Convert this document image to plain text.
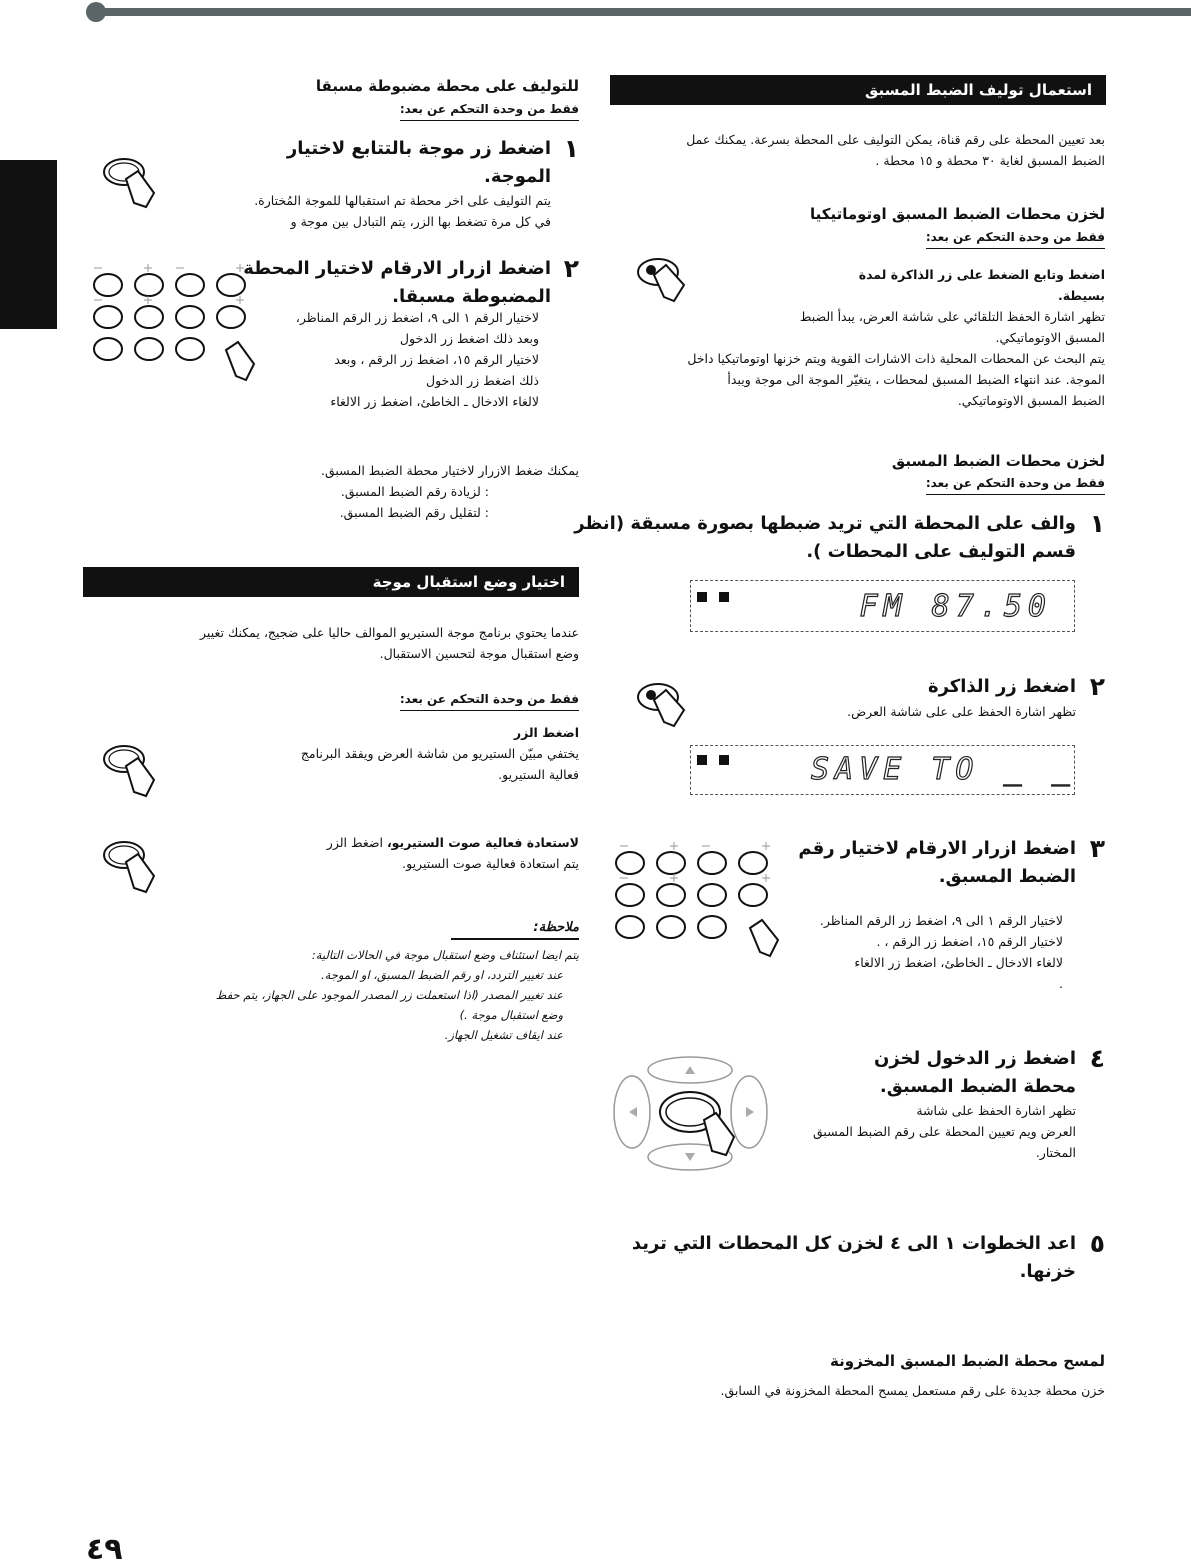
استعمال توليف الضبط المسبق
بعد تعيين المحطة على رقم قناة، يمكن التوليف على المحطة بسرعة. يمكنك عمل
الضبط المسبق لغاية ٣٠ محطة و ١٥ محطة .
لخزن محطات الضبط المسبق اوتوماتيكيا
فقط من وحدة التحكم عن بعد:
اضغط وتابع الضغط على زر الذاكرة لمدة
بسيطة.
تظهر اشارة الحفظ التلقائي على شاشة العرض، يبدأ الضبط
المسبق الاوتوماتيكي.
يتم البحث عن المحطات المحلية ذات الاشارات القوية ويتم خزنها اوتوماتيكيا داخل
الموجة. عند انتهاء الضبط المسبق لمحطات ، يتغيّر الموجة الى موجة ويبدأ
الضبط المسبق الاوتوماتيكي.
لخزن محطات الضبط المسبق
فقط من وحدة التحكم عن بعد:
١
والف على المحطة التي تريد ضبطها بصورة مسبقة (انظر
قسم التوليف على المحطات ).
FM 87.50
٢
اضغط زر الذاكرة
تظهر اشارة الحفظ على على شاشة العرض.
SAVE TO _ _
٣
اضغط ازرار الارقام لاختيار رقم
الضبط المسبق.
لاختيار الرقم ١ الى ٩، اضغط زر الرقم المناظر.
لاختيار الرقم ١٥، اضغط زر الرقم ، .
لالغاء الادخال ـ الخاطئ، اضغط زر الالغاء
.
٤
اضغط زر الدخول لخزن
محطة الضبط المسبق.
تظهر اشارة الحفظ على شاشة
العرض ويم تعيين المحطة على رقم الضبط المسبق
المختار.
٥
اعد الخطوات ١ الى ٤ لخزن كل المحطات التي تريد
خزنها.
لمسح محطة الضبط المسبق المخزونة
خزن محطة جديدة على رقم مستعمل يمسح المحطة المخزونة في السابق.
للتوليف على محطة مضبوطة مسبقا
فقط من وحدة التحكم عن بعد:
١
اضغط زر موجة بالتتابع لاختيار
الموجة.
يتم التوليف على اخر محطة تم استقبالها للموجة المُختارة.
في كل مرة تضغط بها الزر، يتم التبادل بين موجة و
٢
اضغط ازرار الارقام لاختيار المحطة
المضبوطة مسبقا.
لاختيار الرقم ١ الى ٩، اضغط زر الرقم المناظر،
وبعد ذلك اضغط زر الدخول
لاختيار الرقم ١٥، اضغط زر الرقم ، وبعد
ذلك اضغط زر الدخول
لالغاء الادخال ـ الخاطئ، اضغط زر الالغاء
يمكنك ضغط الازرار لاختيار محطة الضبط المسبق.
: لزيادة رقم الضبط المسبق.
: لتقليل رقم الضبط المسبق.
اختيار وضع استقبال موجة
عندما يحتوي برنامج موجة الستيريو الموالف حاليا على ضجيج، يمكنك تغيير
وضع استقبال موجة لتحسين الاستقبال.
فقط من وحدة التحكم عن بعد:
اضغط الزر
يختفي مبيّن الستيريو من شاشة العرض ويفقد البرنامج
فعالية الستيريو.
لاستعادة فعالية صوت الستيريو، اضغط الزر
يتم استعادة فعالية صوت الستيريو.
ملاحظة:
يتم ايضا استئناف وضع استقبال موجة في الحالات التالية:
عند تغيير التردد، او رقم الضبط المسبق، او الموجة.
عند تغيير المصدر (اذا استعملت زر المصدر الموجود على الجهاز، يتم حفظ
وضع استقبال موجة .)
عند ايقاف تشغيل الجهاز.
٤٩
